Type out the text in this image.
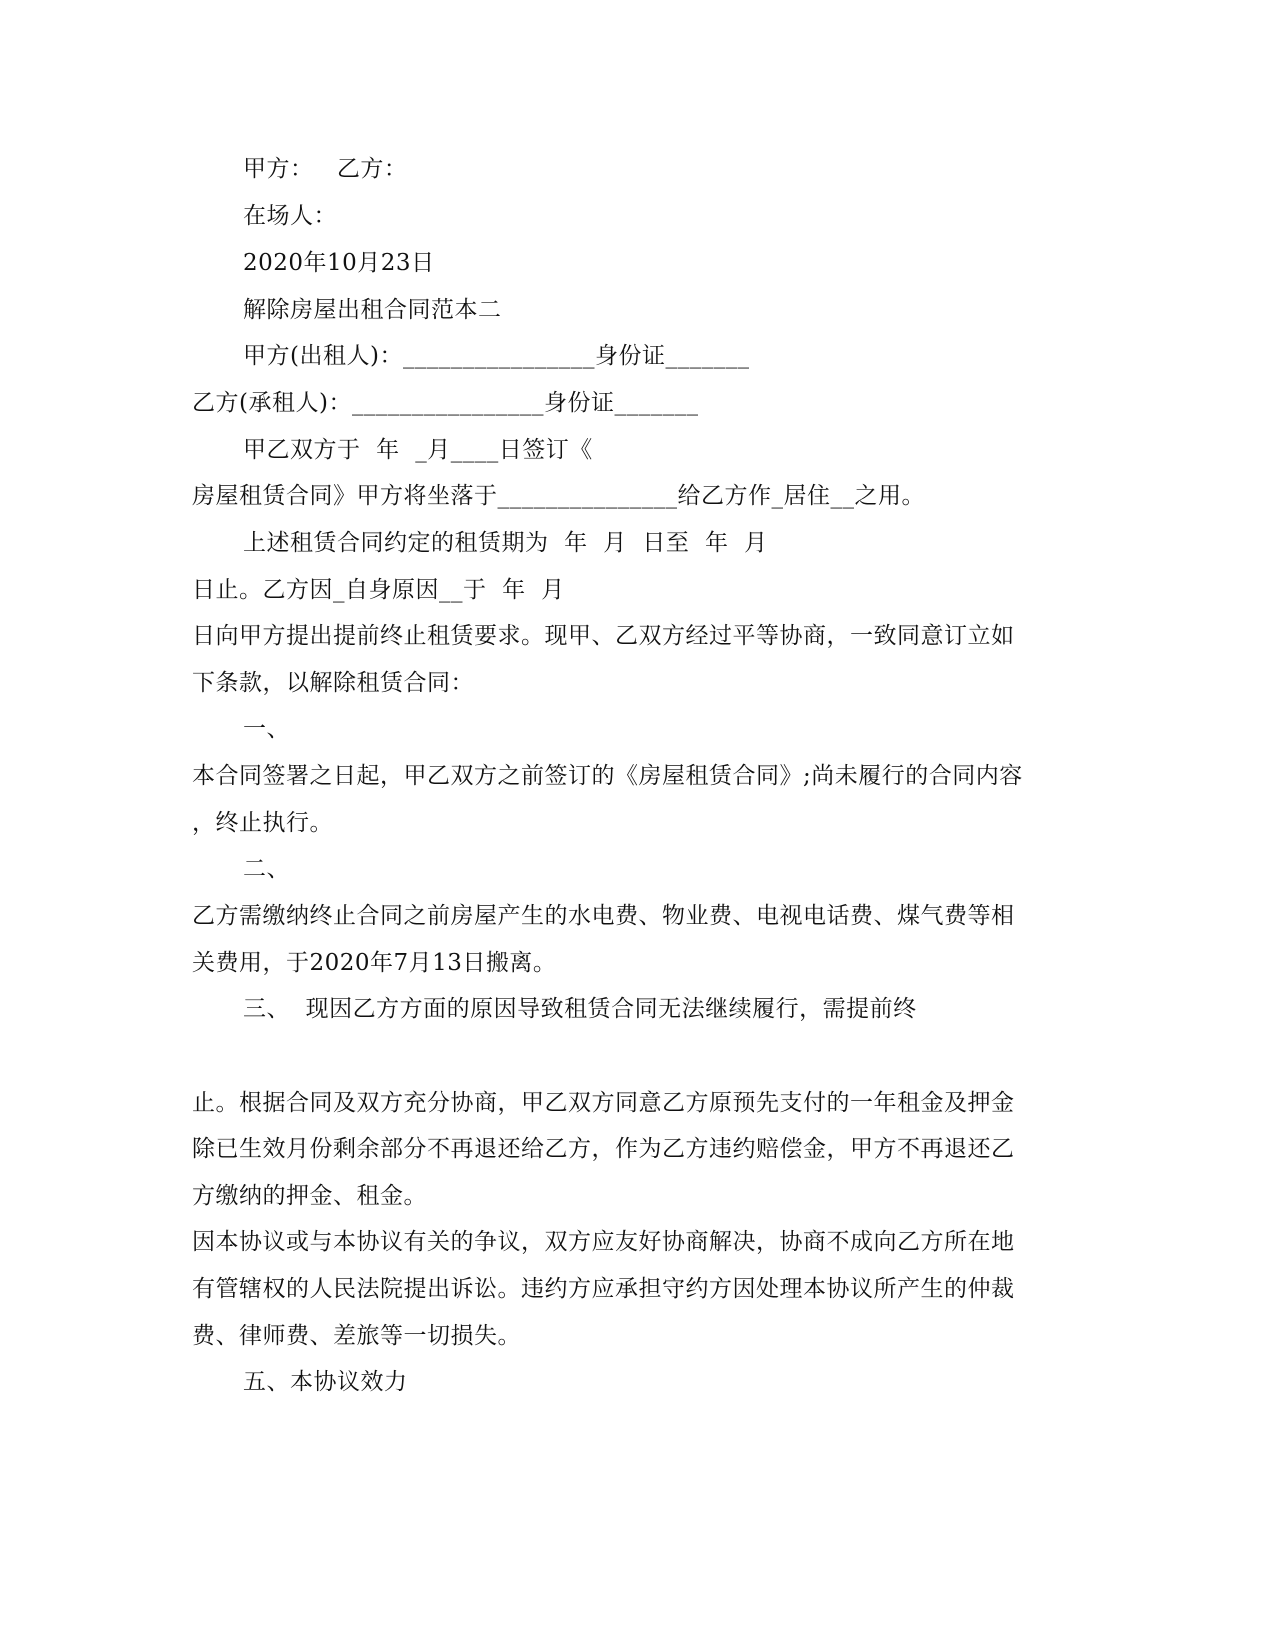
甲方：   乙方：
在场人：
2020年10月23日
解除房屋出租合同范本二
甲方(出租人)：________________身份证_______
乙方(承租人)：________________身份证_______
甲乙双方于  年  _月____日签订《
房屋租赁合同》甲方将坐落于_______________给乙方作_居住__之用。
上述租赁合同约定的租赁期为  年  月  日至  年  月
日止。乙方因_自身原因__于  年  月
日向甲方提出提前终止租赁要求。现甲、乙双方经过平等协商，一致同意订立如
下条款，以解除租赁合同：
一、
本合同签署之日起，甲乙双方之前签订的《房屋租赁合同》;尚未履行的合同内容
，终止执行。
二、
乙方需缴纳终止合同之前房屋产生的水电费、物业费、电视电话费、煤气费等相
关费用，于2020年7月13日搬离。
三、  现因乙方方面的原因导致租赁合同无法继续履行，需提前终
止。根据合同及双方充分协商，甲乙双方同意乙方原预先支付的一年租金及押金
除已生效月份剩余部分不再退还给乙方，作为乙方违约赔偿金，甲方不再退还乙
方缴纳的押金、租金。
因本协议或与本协议有关的争议，双方应友好协商解决，协商不成向乙方所在地
有管辖权的人民法院提出诉讼。违约方应承担守约方因处理本协议所产生的仲裁
费、律师费、差旅等一切损失。
五、本协议效力
